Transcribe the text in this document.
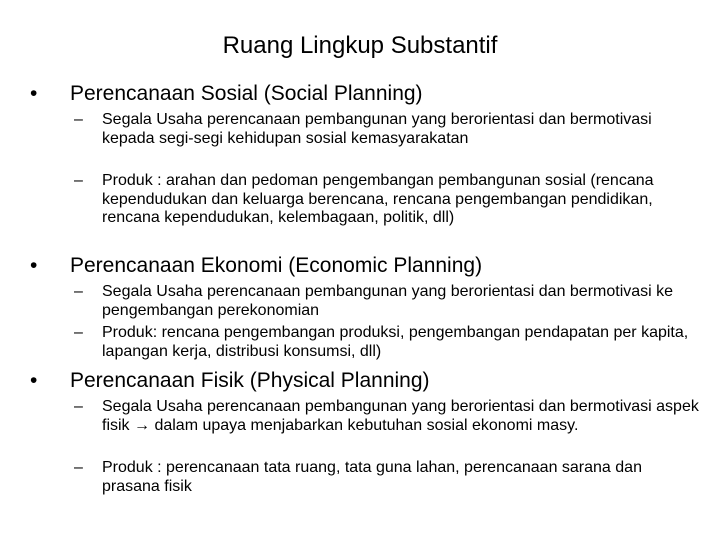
Ruang Lingkup Substantif
• Perencanaan Sosial (Social Planning)
–	Segala Usaha perencanaan pembangunan yang berorientasi dan bermotivasi kepada segi-segi kehidupan sosial kemasyarakatan
–	Produk : arahan dan pedoman pengembangan pembangunan sosial (rencana kependudukan dan keluarga berencana, rencana pengembangan pendidikan, rencana kependudukan, kelembagaan, politik, dll)
• Perencanaan Ekonomi (Economic Planning)
–	Segala Usaha perencanaan pembangunan yang berorientasi dan bermotivasi ke pengembangan perekonomian
–	Produk: rencana pengembangan produksi, pengembangan pendapatan per kapita, lapangan kerja, distribusi konsumsi, dll)
• Perencanaan Fisik (Physical Planning)
–	Segala Usaha perencanaan pembangunan yang berorientasi dan bermotivasi aspek fisik → dalam upaya menjabarkan kebutuhan sosial ekonomi masy.
–	Produk : perencanaan tata ruang, tata guna lahan, perencanaan sarana dan prasana fisik
